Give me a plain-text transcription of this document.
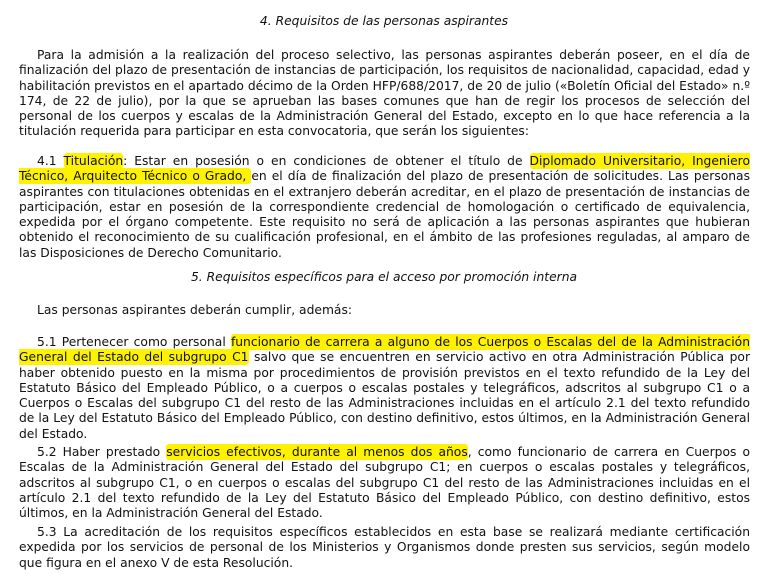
4. Requisitos de las personas aspirantes

Para la admisión a la realización del proceso selectivo, las personas aspirantes deberán poseer, en el día de finalización del plazo de presentación de instancias de participación, los requisitos de nacionalidad, capacidad, edad y habilitación previstos en el apartado décimo de la Orden HFP/688/2017, de 20 de julio («Boletín Oficial del Estado» n.º 174, de 22 de julio), por la que se aprueban las bases comunes que han de regir los procesos de selección del personal de los cuerpos y escalas de la Administración General del Estado, excepto en lo que hace referencia a la titulación requerida para participar en esta convocatoria, que serán los siguientes:

4.1 Titulación: Estar en posesión o en condiciones de obtener el título de Diplomado Universitario, Ingeniero Técnico, Arquitecto Técnico o Grado, en el día de finalización del plazo de presentación de solicitudes. Las personas aspirantes con titulaciones obtenidas en el extranjero deberán acreditar, en el plazo de presentación de instancias de participación, estar en posesión de la correspondiente credencial de homologación o certificado de equivalencia, expedida por el órgano competente. Este requisito no será de aplicación a las personas aspirantes que hubieran obtenido el reconocimiento de su cualificación profesional, en el ámbito de las profesiones reguladas, al amparo de las Disposiciones de Derecho Comunitario.

5. Requisitos específicos para el acceso por promoción interna

Las personas aspirantes deberán cumplir, además:

5.1 Pertenecer como personal funcionario de carrera a alguno de los Cuerpos o Escalas del de la Administración General del Estado del subgrupo C1 salvo que se encuentren en servicio activo en otra Administración Pública por haber obtenido puesto en la misma por procedimientos de provisión previstos en el texto refundido de la Ley del Estatuto Básico del Empleado Público, o a cuerpos o escalas postales y telegráficos, adscritos al subgrupo C1 o a Cuerpos o Escalas del subgrupo C1 del resto de las Administraciones incluidas en el artículo 2.1 del texto refundido de la Ley del Estatuto Básico del Empleado Público, con destino definitivo, estos últimos, en la Administración General del Estado.

5.2 Haber prestado servicios efectivos, durante al menos dos años, como funcionario de carrera en Cuerpos o Escalas de la Administración General del Estado del subgrupo C1; en cuerpos o escalas postales y telegráficos, adscritos al subgrupo C1, o en cuerpos o escalas del subgrupo C1 del resto de las Administraciones incluidas en el artículo 2.1 del texto refundido de la Ley del Estatuto Básico del Empleado Público, con destino definitivo, estos últimos, en la Administración General del Estado.

5.3 La acreditación de los requisitos específicos establecidos en esta base se realizará mediante certificación expedida por los servicios de personal de los Ministerios y Organismos donde presten sus servicios, según modelo que figura en el anexo V de esta Resolución.
